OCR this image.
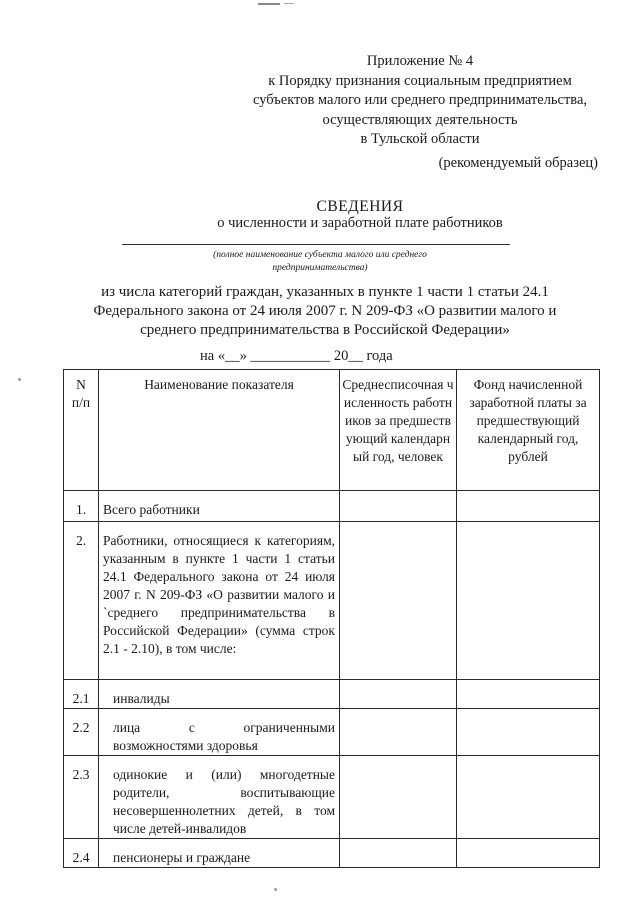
Приложение № 4
к Порядку признания социальным предприятием
субъектов малого или среднего предпринимательства,
осуществляющих деятельность
в Тульской области
(рекомендуемый образец)
СВЕДЕНИЯ
о численности и заработной плате работников
(полное наименование субъекта малого или среднего
предпринимательства)
из числа категорий граждан, указанных в пункте 1 части 1 статьи 24.1
Федерального закона от 24 июля 2007 г. N 209-ФЗ «О развитии малого и
среднего предпринимательства в Российской Федерации»
на «__» ___________ 20__ года
N п/п	Наименование показателя	Среднесписочная численность работников за предшествующий календарный год, человек	Фонд начисленной заработной платы за предшествующий календарный год, рублей
1.	Всего работники		
2.	Работники, относящиеся к категориям, указанным в пункте 1 части 1 статьи 24.1 Федерального закона от 24 июля 2007 г. N 209-ФЗ «О развитии малого и `среднего предпринимательства в Российской Федерации» (сумма строк 2.1 - 2.10), в том числе:		
2.1	инвалиды		
2.2	лица с ограниченными возможностями здоровья		
2.3	одинокие и (или) многодетные родители, воспитывающие несовершеннолетних детей, в том числе детей-инвалидов		
2.4	пенсионеры и граждане		
